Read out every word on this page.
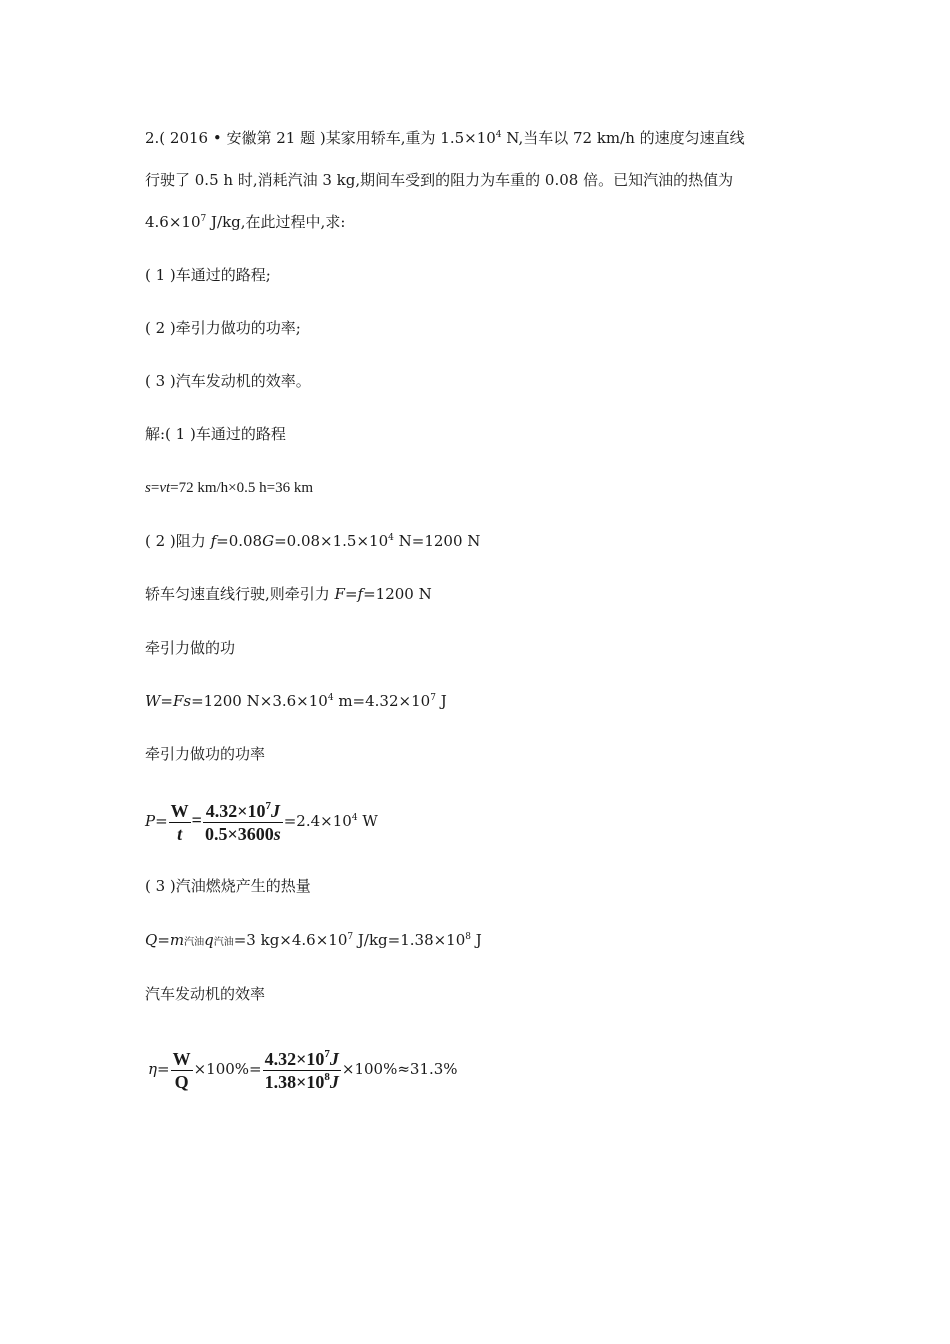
2.( 2016 • 安徽第 21 题 )某家用轿车,重为 $1.5\times 10^4$ N,当车以 72 km/h 的速度匀速直线
行驶了 0.5 h 时,消耗汽油 3 kg,期间车受到的阻力为车重的 0.08 倍。已知汽油的热值为
$4.6\times 10^7$ J/kg,在此过程中,求:
( 1 )车通过的路程;
( 2 )牵引力做功的功率;
( 3 )汽车发动机的效率。
解:( 1 )车通过的路程
s=vt=72 km/h×0.5 h=36 km
( 2 )阻力 $f=0.08G=0.08\times 1.5\times 10^4$ N=1200 N
轿车匀速直线行驶,则牵引力 F=f=1200 N
牵引力做的功
W=Fs=1200 $N\times 3.6\times 10^4$ $m=4.32\times 10^7$ J
牵引力做功的功率
$P= \frac{W}{t} = \frac{4.32\times 10^7J}{0.5\times 3600s} =2.4\times 10^4$ W
( 3 )汽油燃烧产生的热量
Q=m汽油q汽油=3 $kg\times 4.6\times 10^7$ $J/kg=1.38\times 10^8$ J
汽车发动机的效率
$\eta= \frac{W}{Q} \times 100\%= \frac{4.32\times 10^7J}{1.38\times 10^8J} \times 100\%\approx 31.3\%$
